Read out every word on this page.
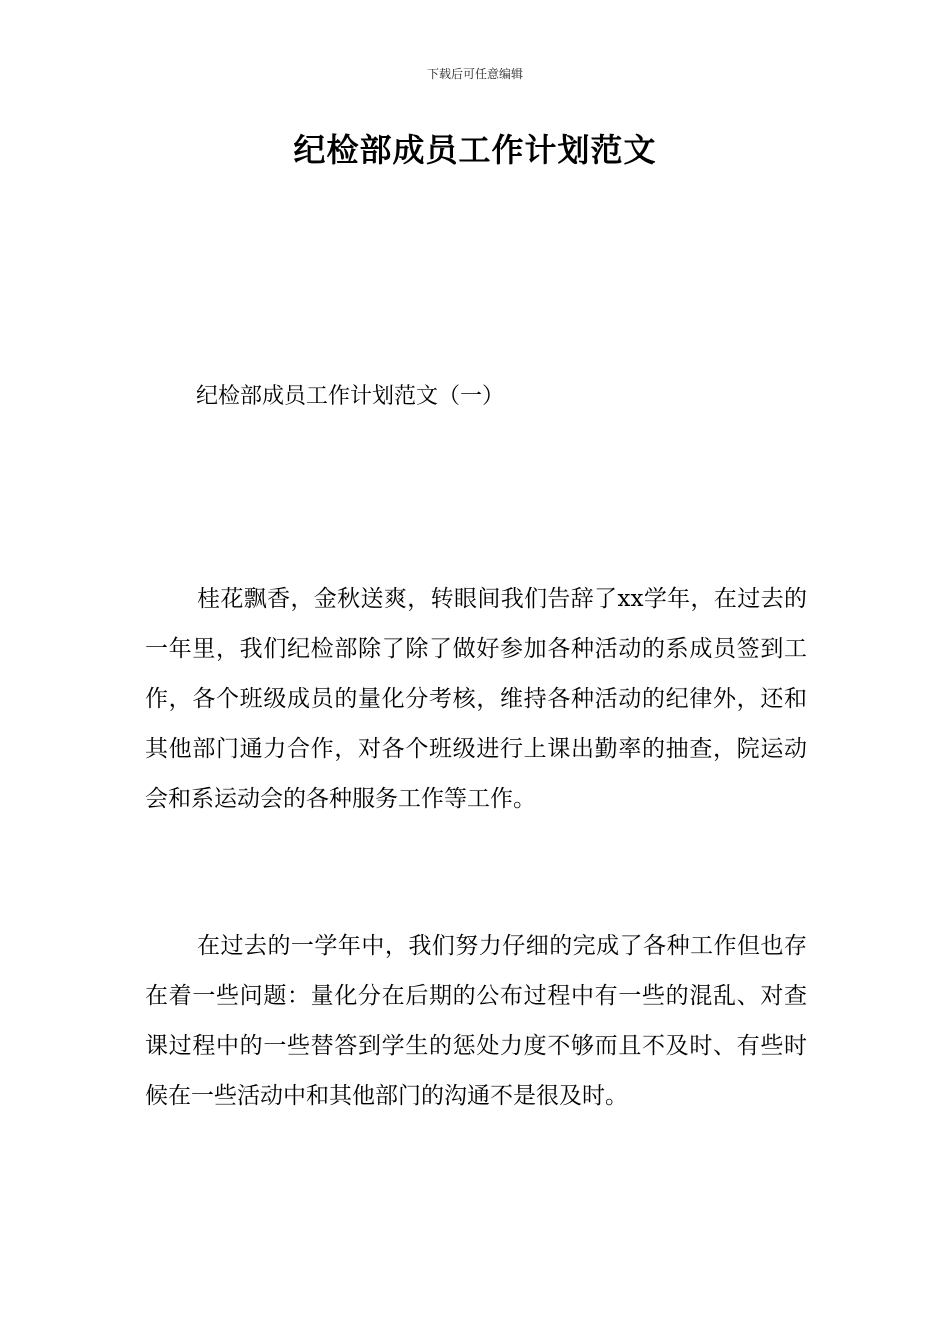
下载后可任意编辑
纪检部成员工作计划范文
纪检部成员工作计划范文（一）

桂花飘香，金秋送爽，转眼间我们告辞了xx学年，在过去的一年里，我们纪检部除了除了做好参加各种活动的系成员签到工作，各个班级成员的量化分考核，维持各种活动的纪律外，还和其他部门通力合作，对各个班级进行上课出勤率的抽查，院运动会和系运动会的各种服务工作等工作。

在过去的一学年中，我们努力仔细的完成了各种工作但也存在着一些问题：量化分在后期的公布过程中有一些的混乱、对查课过程中的一些替答到学生的惩处力度不够而且不及时、有些时候在一些活动中和其他部门的沟通不是很及时。
